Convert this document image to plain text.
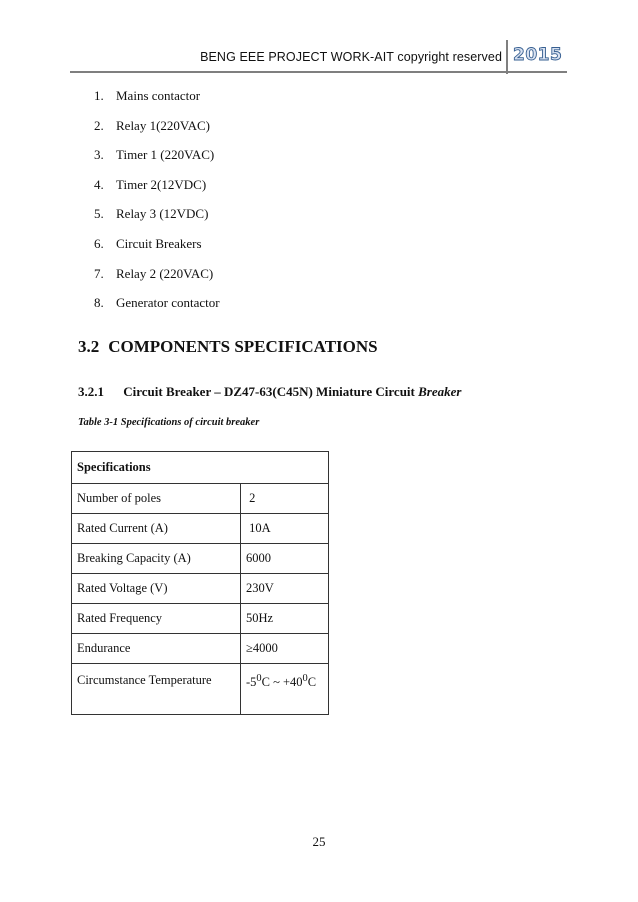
BENG EEE PROJECT WORK-AIT copyright reserved 2015
1. Mains contactor
2. Relay 1(220VAC)
3. Timer 1 (220VAC)
4. Timer 2(12VDC)
5. Relay 3 (12VDC)
6. Circuit Breakers
7. Relay 2 (220VAC)
8. Generator contactor
3.2 COMPONENTS SPECIFICATIONS
3.2.1 Circuit Breaker – DZ47-63(C45N) Miniature Circuit Breaker
Table 3-1 Specifications of circuit breaker
Specifications	
Number of poles	2
Rated Current (A)	10A
Breaking Capacity (A)	6000
Rated Voltage (V)	230V
Rated Frequency	50Hz
Endurance	≥4000
Circumstance Temperature	$-5^0C$ ~ $+40^0C$
25
